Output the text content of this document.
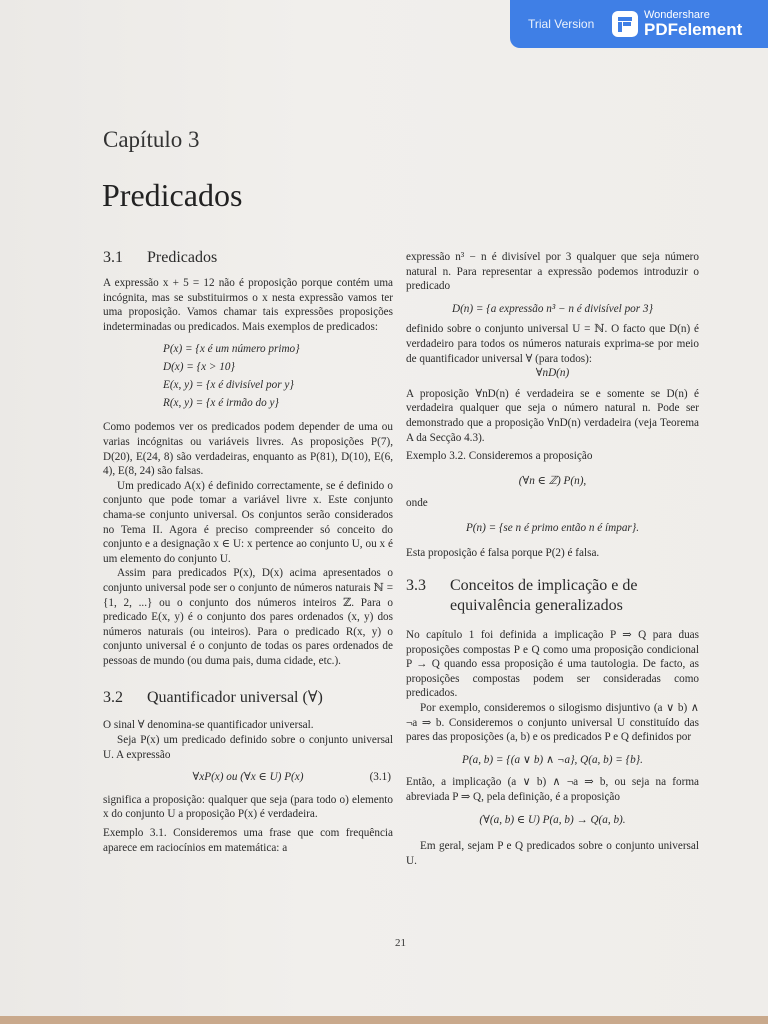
Trial Version
Wondershare
PDFelement
Capítulo 3
Predicados
3.1 Predicados

A expressão x + 5 = 12 não é proposição porque contém uma incógnita, mas se substituirmos o x nesta expressão vamos ter uma proposição. Vamos chamar tais expressões proposições indeterminadas ou predicados. Mais exemplos de predicados:

P(x) = {x é um número primo}

D(x) = {x > 10}

E(x, y) = {x é divisível por y}

R(x, y) = {x é irmão do y}

Como podemos ver os predicados podem depender de uma ou varias incógnitas ou variáveis livres. As proposições P(7), D(20), E(24, 8) são verdadeiras, enquanto as P(81), D(10), E(6, 4), E(8, 24) são falsas.

Um predicado A(x) é definido correctamente, se é definido o conjunto que pode tomar a variável livre x. Este conjunto chama-se conjunto universal. Os conjuntos serão considerados no Tema II. Agora é preciso compreender só conceito do conjunto e a designação x ∈ U: x pertence ao conjunto U, ou x é um elemento do conjunto U.

Assim para predicados P(x), D(x) acima apresentados o conjunto universal pode ser o conjunto de números naturais ℕ = {1, 2, ...} ou o conjunto dos números inteiros ℤ. Para o predicado E(x, y) é o conjunto dos pares ordenados (x, y) dos números naturais (ou inteiros). Para o predicado R(x, y) o conjunto universal é o conjunto de todas os pares ordenados de pessoas de mundo (ou duma pais, duma cidade, etc.).

3.2 Quantificador universal (∀)

O sinal ∀ denomina-se quantificador universal.

Seja P(x) um predicado definido sobre o conjunto universal U. A expressão

∀xP(x) ou (∀x ∈ U) P(x)	(3.1)

significa a proposição: qualquer que seja (para todo o) elemento x do conjunto U a proposição P(x) é verdadeira.

Exemplo 3.1. Consideremos uma frase que com frequência aparece em raciocínios em matemática: a

expressão n³ − n é divisível por 3 qualquer que seja número natural n. Para representar a expressão podemos introduzir o predicado

D(n) = {a expressão n³ − n é divisível por 3}

definido sobre o conjunto universal U = ℕ. O facto que D(n) é verdadeiro para todos os números naturais exprima-se por meio de quantificador universal ∀ (para todos):

∀nD(n)

A proposição ∀nD(n) é verdadeira se e somente se D(n) é verdadeira qualquer que seja o número natural n. Pode ser demonstrado que a proposição ∀nD(n) verdadeira (veja Teorema A da Secção 4.3).

Exemplo 3.2. Consideremos a proposição

(∀n ∈ ℤ) P(n),

onde

P(n) = {se n é primo então n é ímpar}.

Esta proposição é falsa porque P(2) é falsa.

3.3 Conceitos de implicação e de
equivalência generalizados

No capítulo 1 foi definida a implicação P ⇒ Q para duas proposições compostas P e Q como uma proposição condicional P → Q quando essa proposição é uma tautologia. De facto, as proposições compostas podem ser consideradas como predicados.

Por exemplo, consideremos o silogismo disjuntivo (a ∨ b) ∧ ¬a ⇒ b. Consideremos o conjunto universal U constituído das pares das proposições (a, b) e os predicados P e Q definidos por

P(a, b) = {(a ∨ b) ∧ ¬a}, Q(a, b) = {b}.

Então, a implicação (a ∨ b) ∧ ¬a ⇒ b, ou seja na forma abreviada P ⇒ Q, pela definição, é a proposição

(∀(a, b) ∈ U) P(a, b) → Q(a, b).

Em geral, sejam P e Q predicados sobre o conjunto universal U.

21
